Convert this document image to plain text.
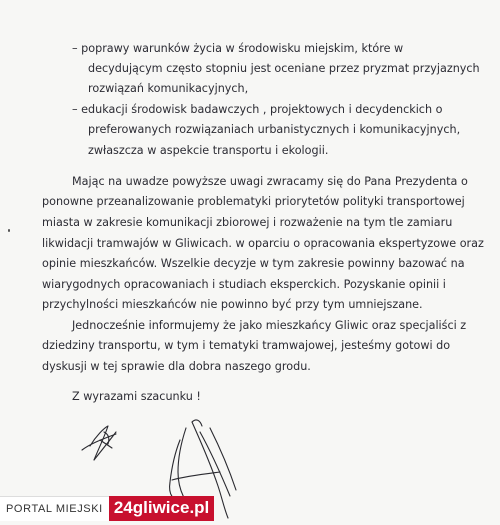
– poprawy warunków życia w środowisku miejskim, które w
decydującym często stopniu jest oceniane przez pryzmat przyjaznych
rozwiązań komunikacyjnych,
– edukacji środowisk badawczych , projektowych i decydenckich o
preferowanych rozwiązaniach urbanistycznych i komunikacyjnych,
zwłaszcza w aspekcie transportu i ekologii.
Mając na uwadze powyższe uwagi zwracamy się do Pana Prezydenta o
ponowne przeanalizowanie problematyki priorytetów polityki transportowej
miasta w zakresie komunikacji zbiorowej i rozważenie na tym tle zamiaru
likwidacji tramwajów w Gliwicach. w oparciu o opracowania ekspertyzowe oraz
opinie mieszkańców. Wszelkie decyzje w tym zakresie powinny bazować na
wiarygodnych opracowaniach i studiach eksperckich. Pozyskanie opinii i
przychylności mieszkańców nie powinno być przy tym umniejszane.
Jednocześnie informujemy że jako mieszkańcy Gliwic oraz specjaliści z
dziedziny transportu, w tym i tematyki tramwajowej, jesteśmy gotowi do
dyskusji w tej sprawie dla dobra naszego grodu.
Z wyrazami szacunku !
PORTAL MIEJSKI 24gliwice.pl
